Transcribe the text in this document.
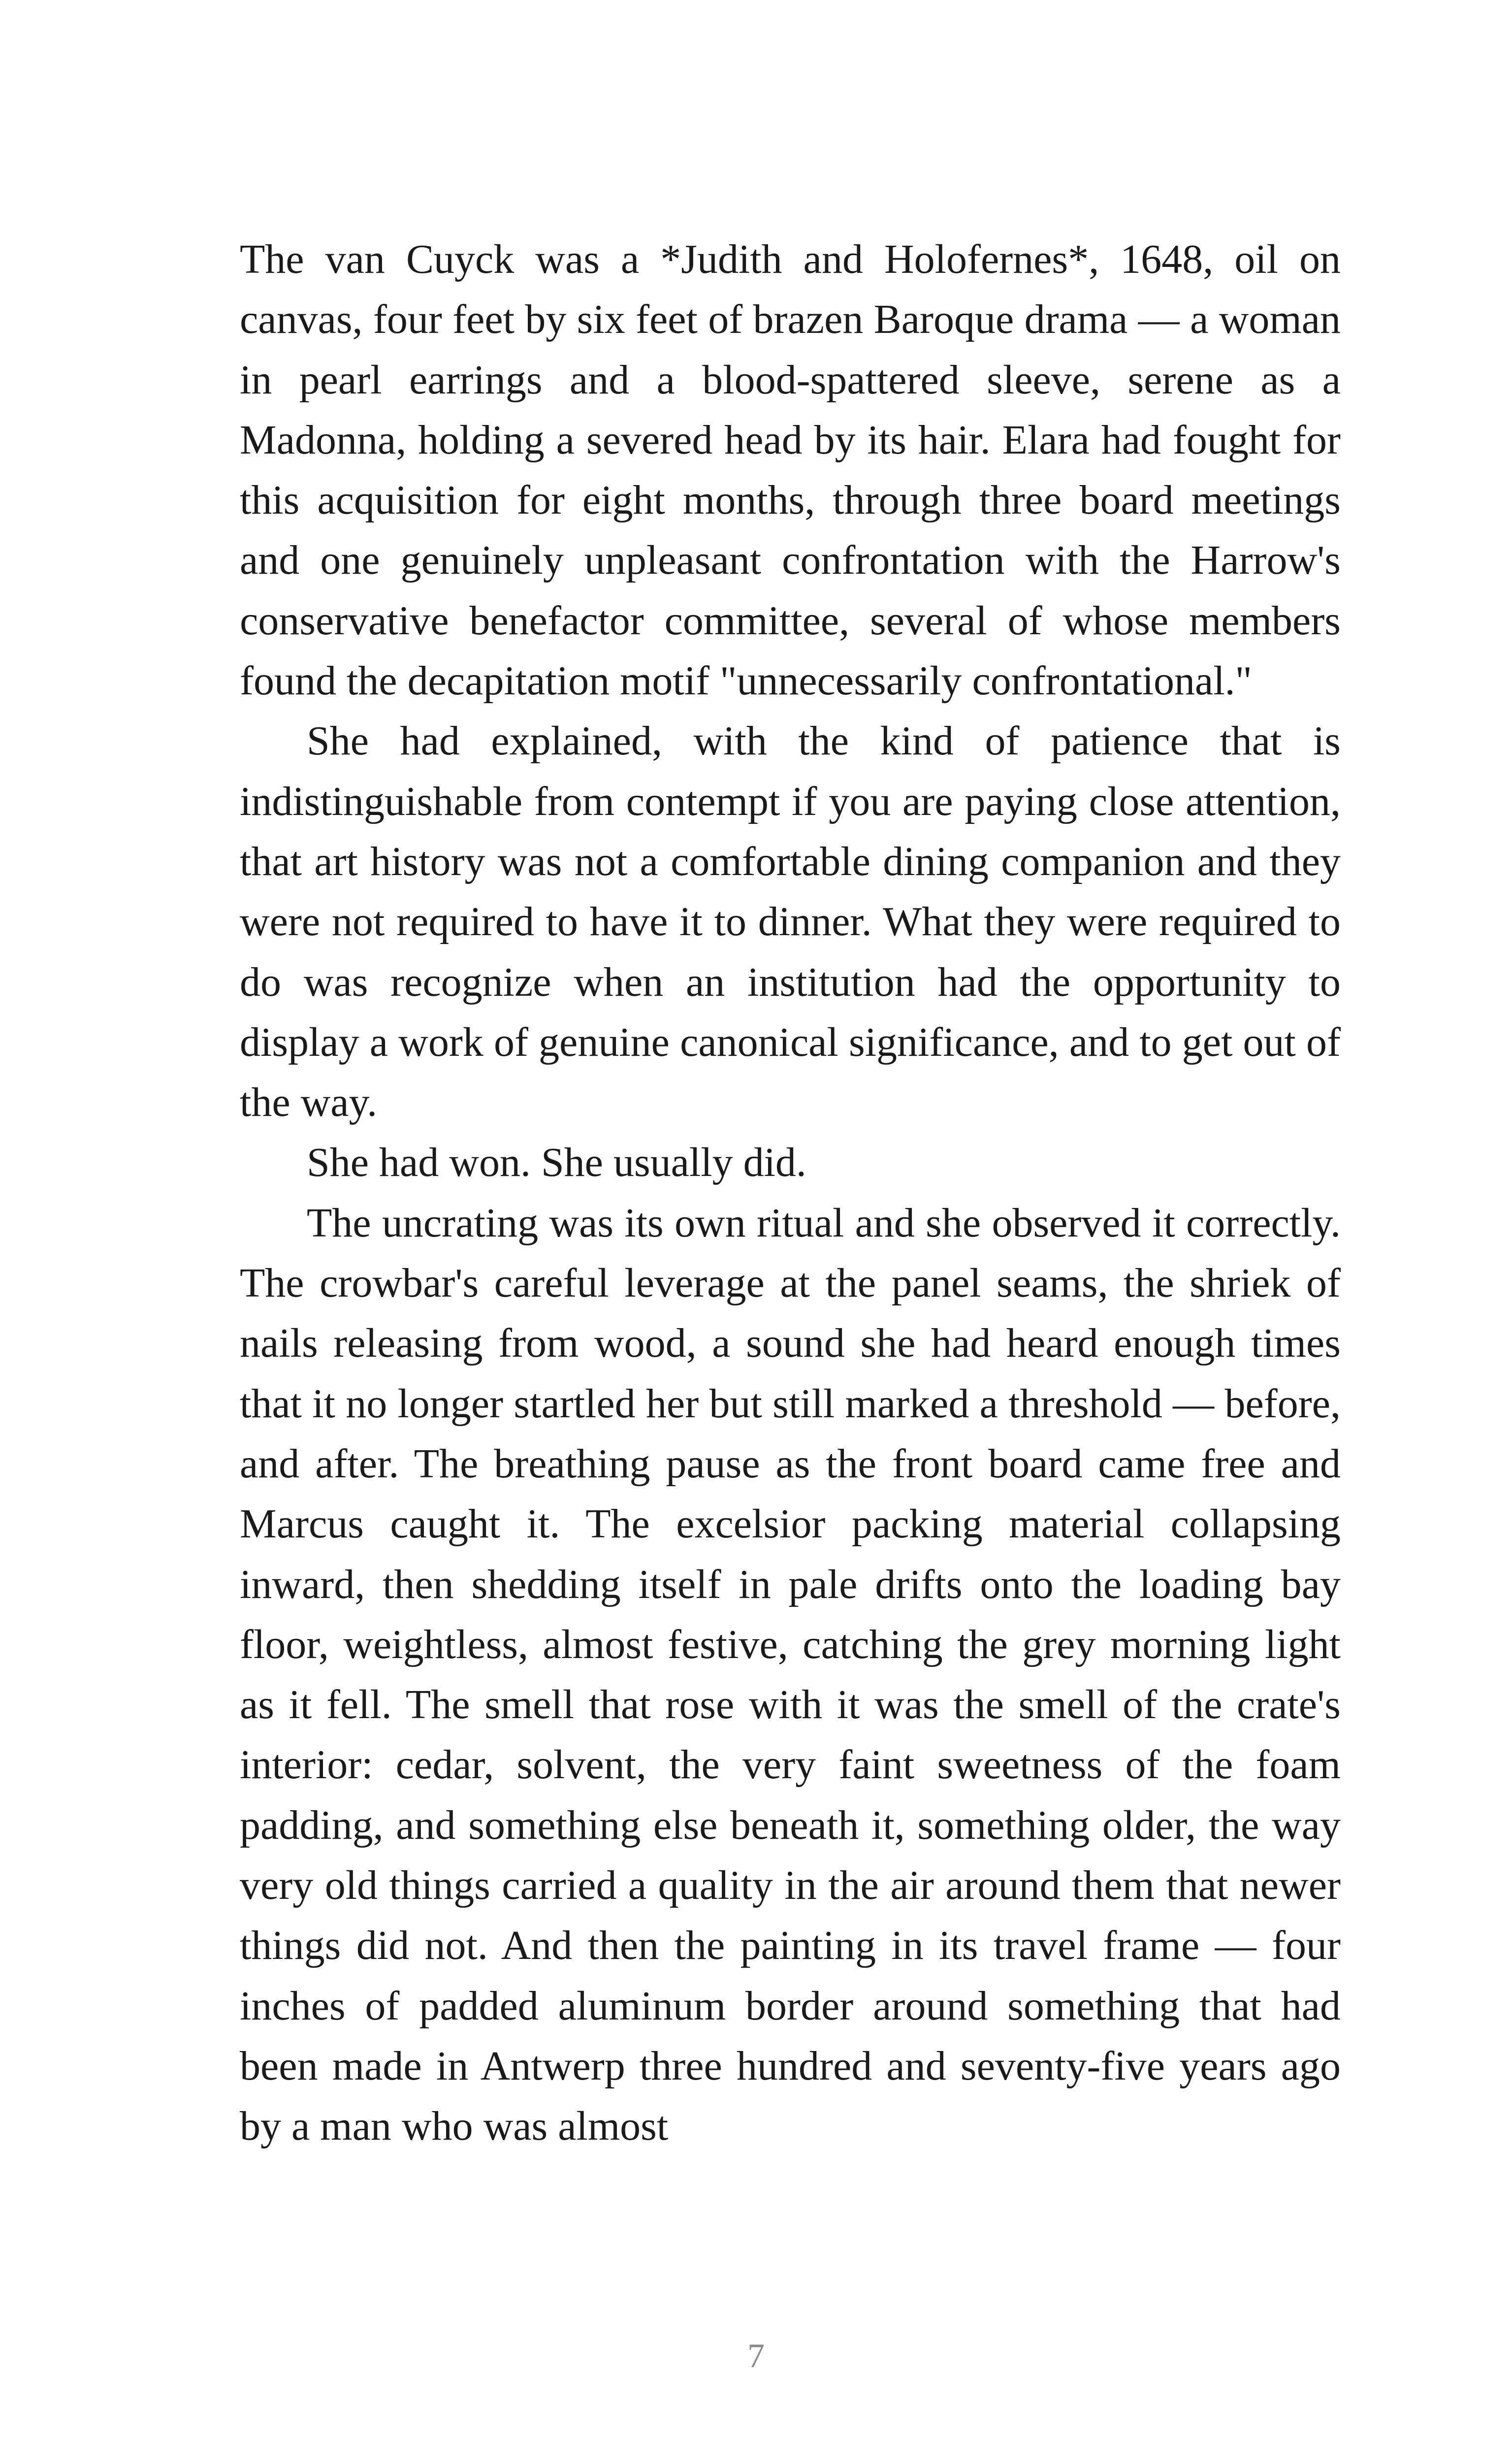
The van Cuyck was a *Judith and Holofernes*, 1648, oil on canvas, four feet by six feet of brazen Baroque drama — a woman in pearl earrings and a blood-spattered sleeve, serene as a Madonna, holding a severed head by its hair. Elara had fought for this acquisition for eight months, through three board meetings and one genuinely unpleasant confrontation with the Harrow's conservative benefactor committee, several of whose members found the decapitation motif "unnecessarily confrontational."

She had explained, with the kind of patience that is indistinguishable from contempt if you are paying close attention, that art history was not a comfortable dining companion and they were not required to have it to dinner. What they were required to do was recognize when an institution had the opportunity to display a work of genuine canonical significance, and to get out of the way.

She had won. She usually did.

The uncrating was its own ritual and she observed it correctly. The crowbar's careful leverage at the panel seams, the shriek of nails releasing from wood, a sound she had heard enough times that it no longer startled her but still marked a threshold — before, and after. The breathing pause as the front board came free and Marcus caught it. The excelsior packing material collapsing inward, then shedding itself in pale drifts onto the loading bay floor, weightless, almost festive, catching the grey morning light as it fell. The smell that rose with it was the smell of the crate's interior: cedar, solvent, the very faint sweetness of the foam padding, and something else beneath it, something older, the way very old things carried a quality in the air around them that newer things did not. And then the painting in its travel frame — four inches of padded aluminum border around something that had been made in Antwerp three hundred and seventy-five years ago by a man who was almost

7
